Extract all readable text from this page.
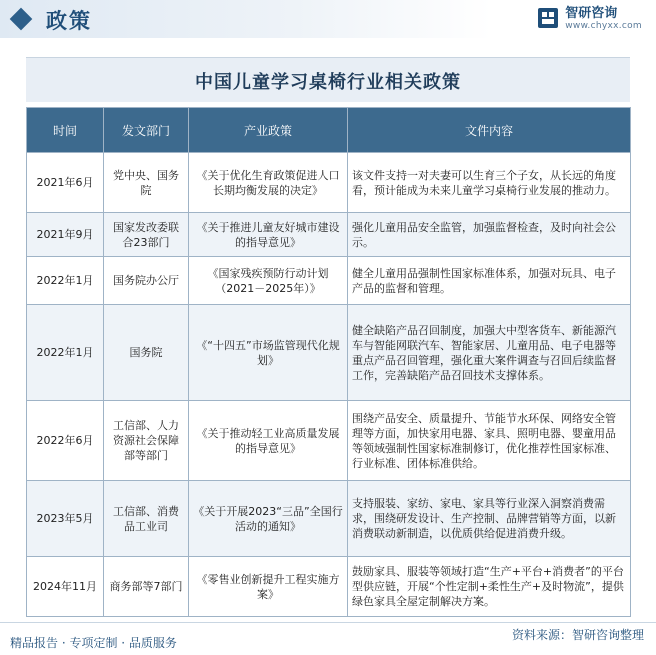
政策	智研咨询
www.chyxx.com
中国儿童学习桌椅行业相关政策
时间	发文部门	产业政策	文件内容
2021年6月	党中央、国务院	《关于优化生育政策促进人口长期均衡发展的决定》	该文件支持一对夫妻可以生育三个子女，从长远的角度看，预计能成为未来儿童学习桌椅行业发展的推动力。
2021年9月	国家发改委联合23部门	《关于推进儿童友好城市建设的指导意见》	强化儿童用品安全监管，加强监督检查，及时向社会公示。
2022年1月	国务院办公厅	《国家残疾预防行动计划（2021－2025年）》	健全儿童用品强制性国家标准体系，加强对玩具、电子产品的监督和管理。
2022年1月	国务院	《“十四五”市场监管现代化规划》	健全缺陷产品召回制度，加强大中型客货车、新能源汽车与智能网联汽车、智能家居、儿童用品、电子电器等重点产品召回管理，强化重大案件调查与召回后续监督工作，完善缺陷产品召回技术支撑体系。
2022年6月	工信部、人力资源社会保障部等部门	《关于推动轻工业高质量发展的指导意见》	围绕产品安全、质量提升、节能节水环保、网络安全管理等方面，加快家用电器、家具、照明电器、婴童用品等领域强制性国家标准制修订，优化推荐性国家标准、行业标准、团体标准供给。
2023年5月	工信部、消费品工业司	《关于开展2023“三品”全国行活动的通知》	支持服装、家纺、家电、家具等行业深入洞察消费需求，围绕研发设计、生产控制、品牌营销等方面，以新消费联动新制造，以优质供给促进消费升级。
2024年11月	商务部等7部门	《零售业创新提升工程实施方案》	鼓励家具、服装等领域打造“生产+平台+消费者”的平台型供应链，开展“个性定制+柔性生产+及时物流”，提供绿色家具全屋定制解决方案。
精品报告 · 专项定制 · 品质服务
资料来源：智研咨询整理
